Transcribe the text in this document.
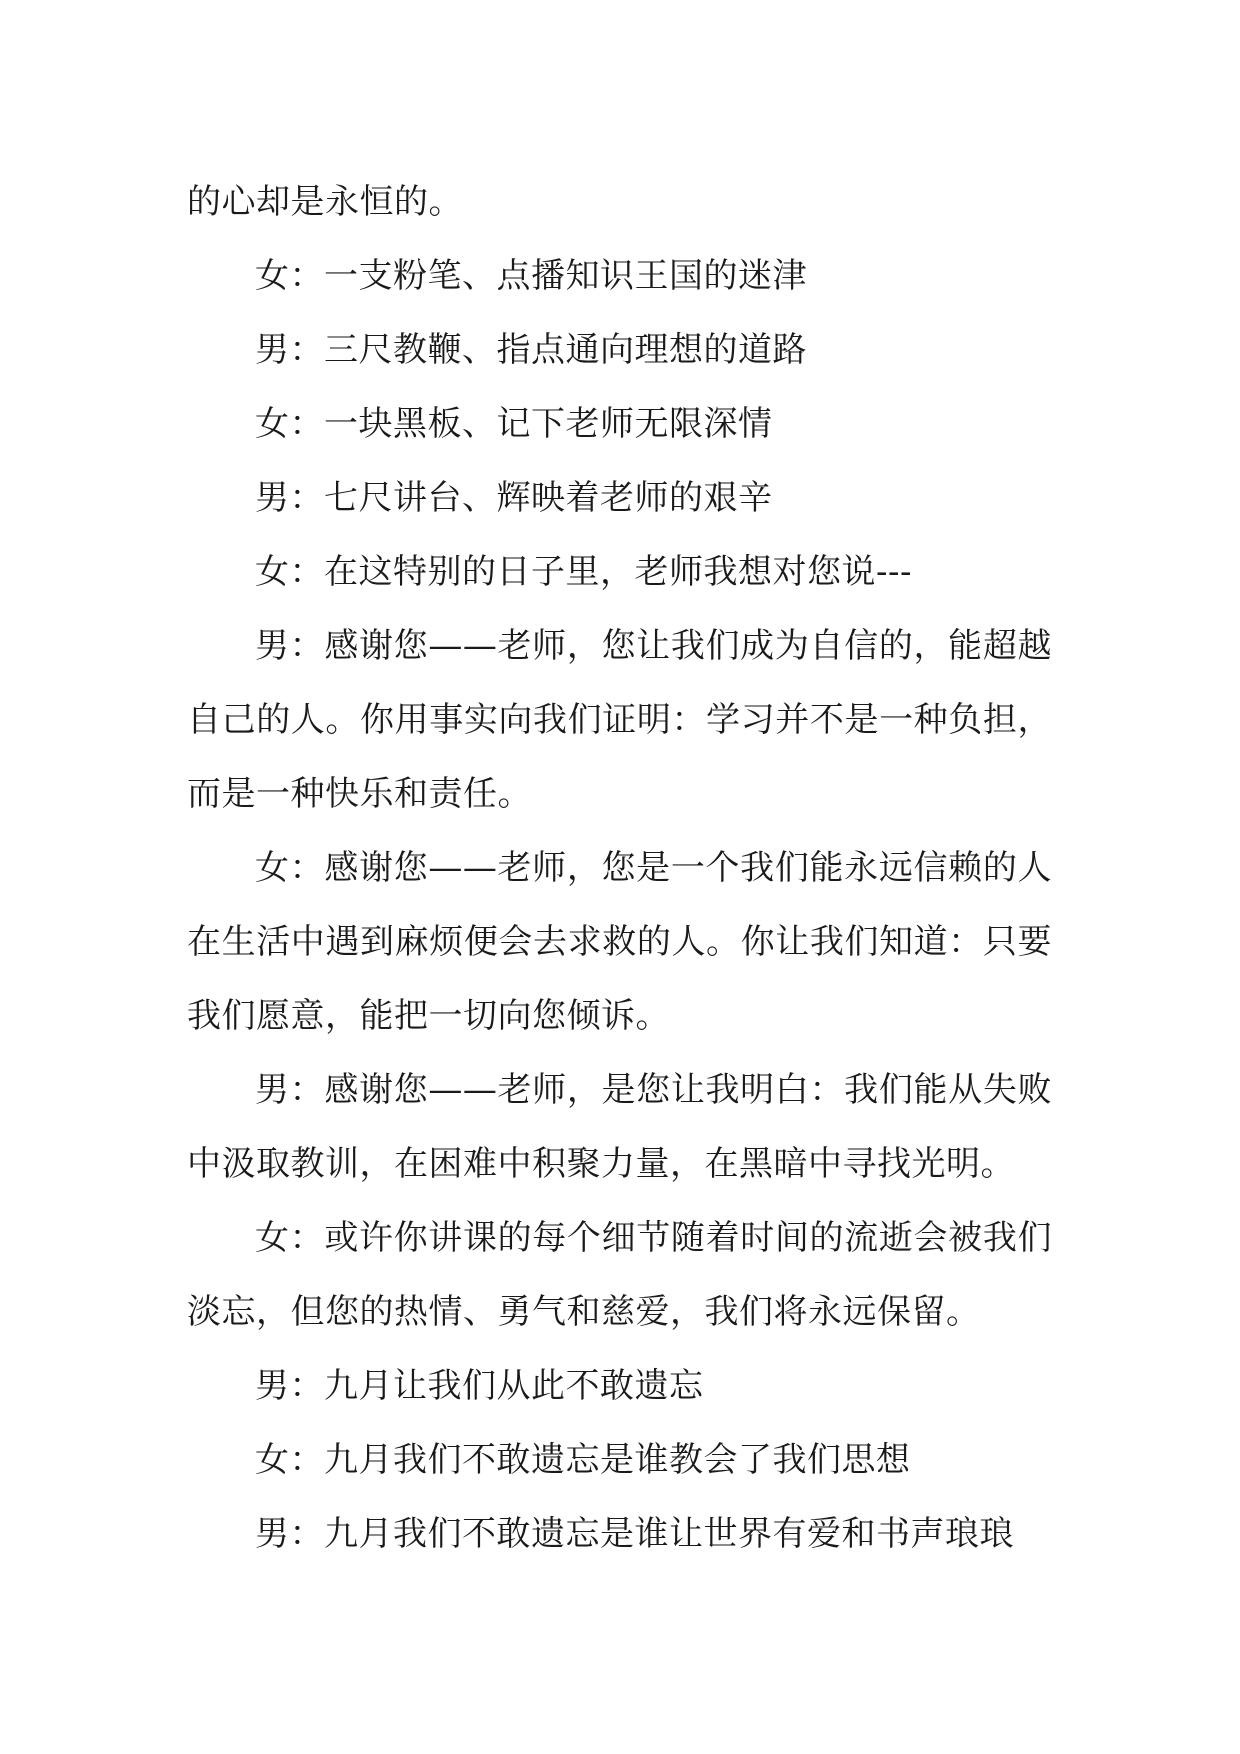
的心却是永恒的。

女：一支粉笔、点播知识王国的迷津

男：三尺教鞭、指点通向理想的道路

女：一块黑板、记下老师无限深情

男：七尺讲台、辉映着老师的艰辛

女：在这特别的日子里，老师我想对您说---

男：感谢您——老师，您让我们成为自信的，能超越自己的人。你用事实向我们证明：学习并不是一种负担，而是一种快乐和责任。

女：感谢您——老师，您是一个我们能永远信赖的人在生活中遇到麻烦便会去求救的人。你让我们知道：只要我们愿意，能把一切向您倾诉。

男：感谢您——老师，是您让我明白：我们能从失败中汲取教训，在困难中积聚力量，在黑暗中寻找光明。

女：或许你讲课的每个细节随着时间的流逝会被我们淡忘，但您的热情、勇气和慈爱，我们将永远保留。

男：九月让我们从此不敢遗忘

女：九月我们不敢遗忘是谁教会了我们思想

男：九月我们不敢遗忘是谁让世界有爱和书声琅琅
